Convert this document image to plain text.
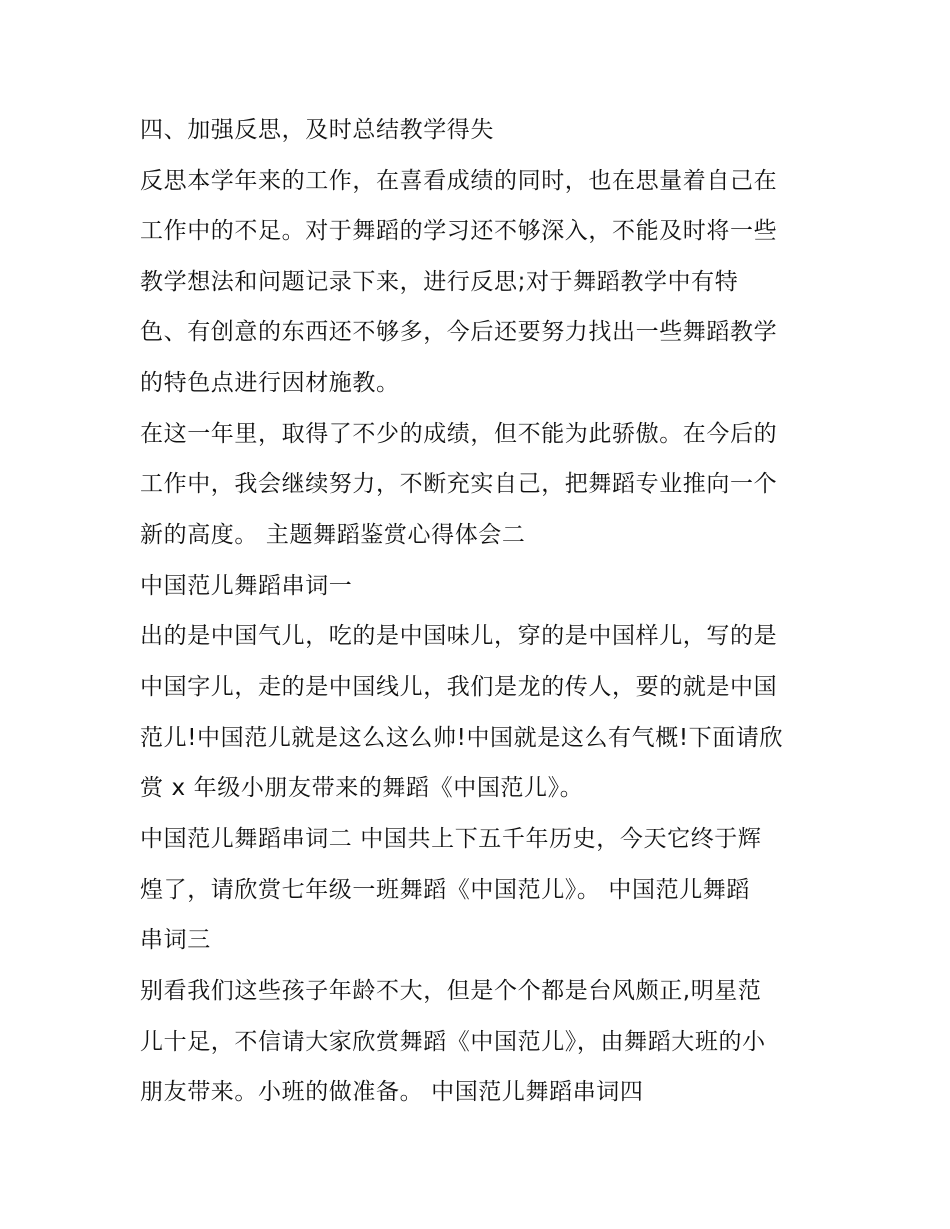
四、加强反思，及时总结教学得失
反思本学年来的工作，在喜看成绩的同时，也在思量着自己在
工作中的不足。对于舞蹈的学习还不够深入，不能及时将一些
教学想法和问题记录下来，进行反思;对于舞蹈教学中有特
色、有创意的东西还不够多，今后还要努力找出一些舞蹈教学
的特色点进行因材施教。
在这一年里，取得了不少的成绩，但不能为此骄傲。在今后的
工作中，我会继续努力，不断充实自己，把舞蹈专业推向一个
新的高度。 主题舞蹈鉴赏心得体会二
中国范儿舞蹈串词一
出的是中国气儿，吃的是中国味儿，穿的是中国样儿，写的是
中国字儿，走的是中国线儿，我们是龙的传人，要的就是中国
范儿!中国范儿就是这么这么帅!中国就是这么有气概!下面请欣
赏 x 年级小朋友带来的舞蹈《中国范儿》。
中国范儿舞蹈串词二 中国共上下五千年历史，今天它终于辉
煌了，请欣赏七年级一班舞蹈《中国范儿》。 中国范儿舞蹈
串词三
别看我们这些孩子年龄不大，但是个个都是台风颇正,明星范
儿十足，不信请大家欣赏舞蹈《中国范儿》，由舞蹈大班的小
朋友带来。小班的做准备。 中国范儿舞蹈串词四
